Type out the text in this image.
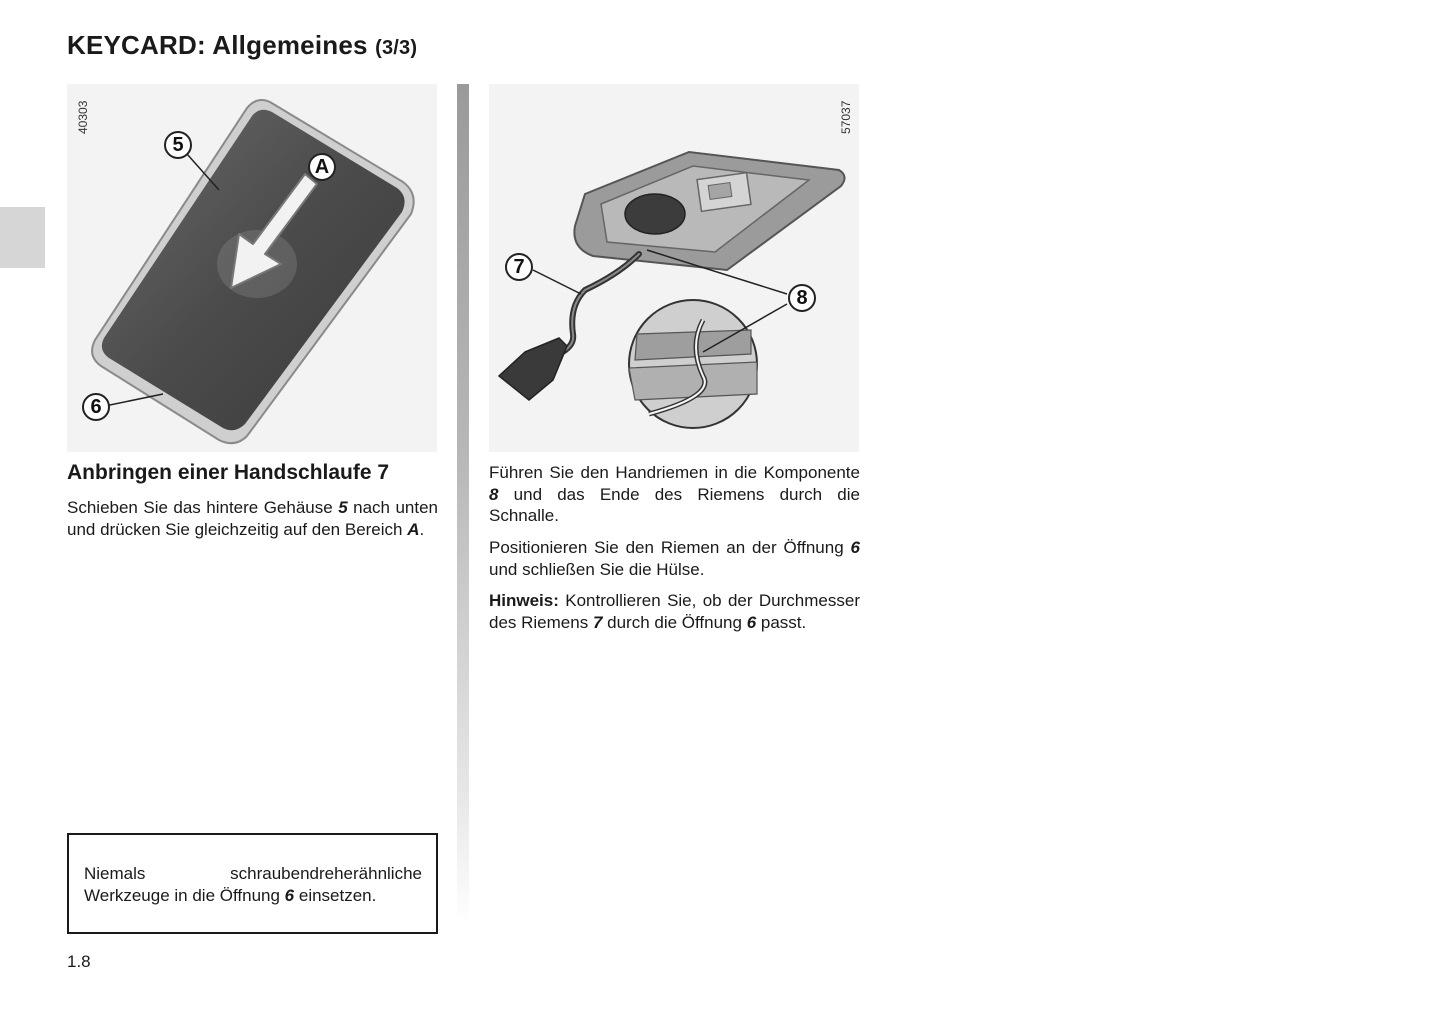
KEYCARD: Allgemeines (3/3)
40303
5
A
6
57037
7
8
Anbringen einer Handschlaufe 7

Schieben Sie das hintere Gehäuse 5 nach unten und drücken Sie gleichzeitig auf den Bereich A.

Führen Sie den Handriemen in die Komponente 8 und das Ende des Riemens durch die Schnalle.

Positionieren Sie den Riemen an der Öffnung 6 und schließen Sie die Hülse.

Hinweis: Kontrollieren Sie, ob der Durchmesser des Riemens 7 durch die Öffnung 6 passt.

Niemals schraubendreherähnliche Werkzeuge in die Öffnung 6 einsetzen.

1.8
